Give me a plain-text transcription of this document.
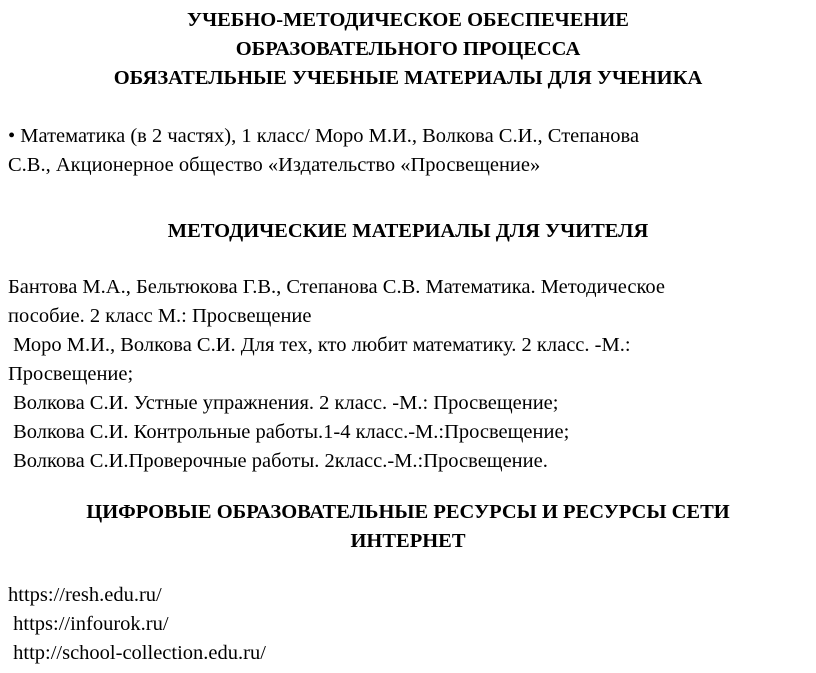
УЧЕБНО-МЕТОДИЧЕСКОЕ ОБЕСПЕЧЕНИЕ
ОБРАЗОВАТЕЛЬНОГО ПРОЦЕССА
ОБЯЗАТЕЛЬНЫЕ УЧЕБНЫЕ МАТЕРИАЛЫ ДЛЯ УЧЕНИКА
• Математика (в 2 частях), 1 класс/ Моро М.И., Волкова С.И., Степанова
С.В., Акционерное общество «Издательство «Просвещение»
МЕТОДИЧЕСКИЕ МАТЕРИАЛЫ ДЛЯ УЧИТЕЛЯ
Бантова М.А., Бельтюкова Г.В., Степанова С.В. Математика. Методическое
пособие. 2 класс М.: Просвещение
Моро М.И., Волкова С.И. Для тех, кто любит математику. 2 класс. -М.:
Просвещение;
Волкова С.И. Устные упражнения. 2 класс. -М.: Просвещение;
Волкова С.И. Контрольные работы.1-4 класс.-М.:Просвещение;
Волкова С.И.Проверочные работы. 2класс.-М.:Просвещение.
ЦИФРОВЫЕ ОБРАЗОВАТЕЛЬНЫЕ РЕСУРСЫ И РЕСУРСЫ СЕТИ
ИНТЕРНЕТ
https://resh.edu.ru/
https://infourok.ru/
http://school-collection.edu.ru/
